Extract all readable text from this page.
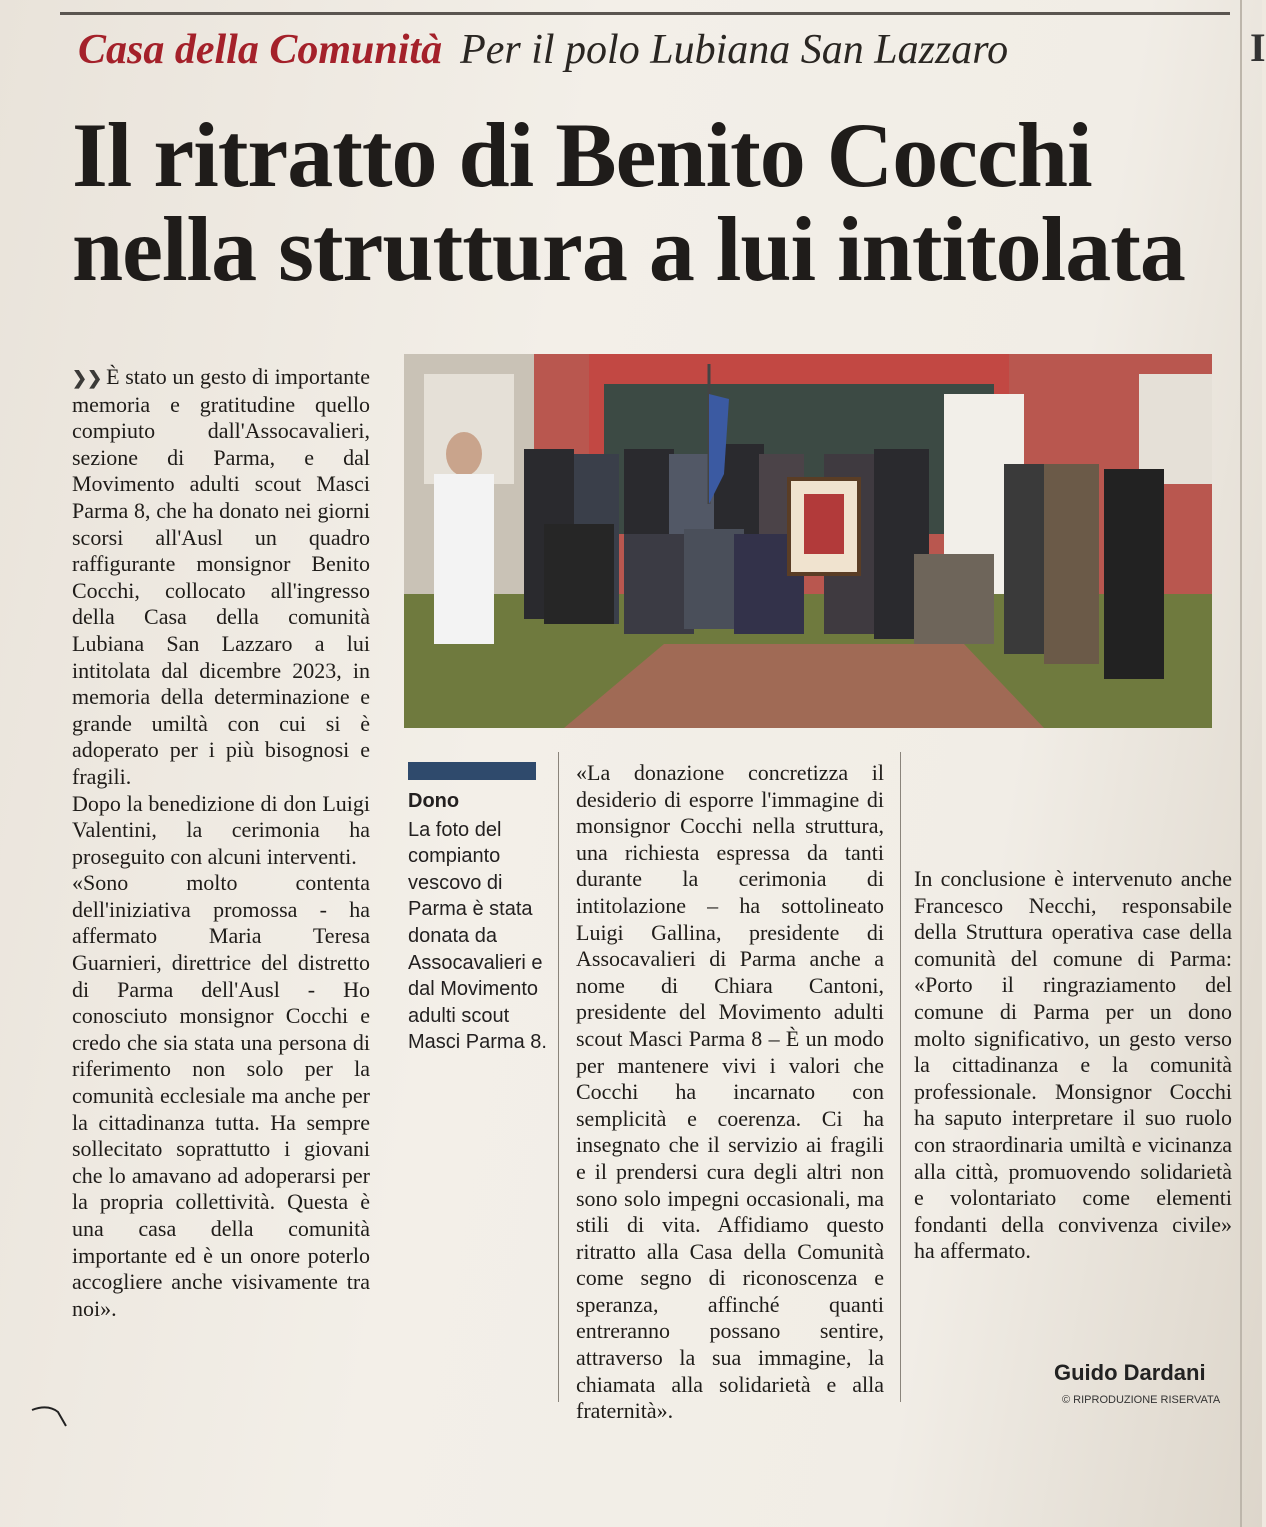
I
Casa della Comunità Per il polo Lubiana San Lazzaro
Il ritratto di Benito Cocchi
nella struttura a lui intitolata

❯❯ È stato un gesto di importante memoria e gratitudine quello compiuto dall'Assocavalieri, sezione di Parma, e dal Movimento adulti scout Masci Parma 8, che ha donato nei giorni scorsi all'Ausl un quadro raffigurante monsignor Benito Cocchi, collocato all'ingresso della Casa della comunità Lubiana San Lazzaro a lui intitolata dal dicembre 2023, in memoria della determinazione e grande umiltà con cui si è adoperato per i più bisognosi e fragili.

Dopo la benedizione di don Luigi Valentini, la cerimonia ha proseguito con alcuni interventi.

«Sono molto contenta dell'iniziativa promossa - ha affermato Maria Teresa Guarnieri, direttrice del distretto di Parma dell'Ausl - Ho conosciuto monsignor Cocchi e credo che sia stata una persona di riferimento non solo per la comunità ecclesiale ma anche per la cittadinanza tutta. Ha sempre sollecitato soprattutto i giovani che lo amavano ad adoperarsi per la propria collettività. Questa è una casa della comunità importante ed è un onore poterlo accogliere anche visivamente tra noi».

Dono
La foto del compianto vescovo di Parma è stata donata da Assocavalieri e dal Movimento adulti scout Masci Parma 8.

«La donazione concretizza il desiderio di esporre l'immagine di monsignor Cocchi nella struttura, una richiesta espressa da tanti durante la cerimonia di intitolazione – ha sottolineato Luigi Gallina, presidente di Assocavalieri di Parma anche a nome di Chiara Cantoni, presidente del Movimento adulti scout Masci Parma 8 – È un modo per mantenere vivi i valori che Cocchi ha incarnato con semplicità e coerenza. Ci ha insegnato che il servizio ai fragili e il prendersi cura degli altri non sono solo impegni occasionali, ma stili di vita. Affidiamo questo ritratto alla Casa della Comunità come segno di riconoscenza e speranza, affinché quanti entreranno possano sentire, attraverso la sua immagine, la chiamata alla solidarietà e alla fraternità».

In conclusione è intervenuto anche Francesco Necchi, responsabile della Struttura operativa case della comunità del comune di Parma: «Porto il ringraziamento del comune di Parma per un dono molto significativo, un gesto verso la cittadinanza e la comunità professionale. Monsignor Cocchi ha saputo interpretare il suo ruolo con straordinaria umiltà e vicinanza alla città, promuovendo solidarietà e volontariato come elementi fondanti della convivenza civile» ha affermato.

Guido Dardani
© RIPRODUZIONE RISERVATA
